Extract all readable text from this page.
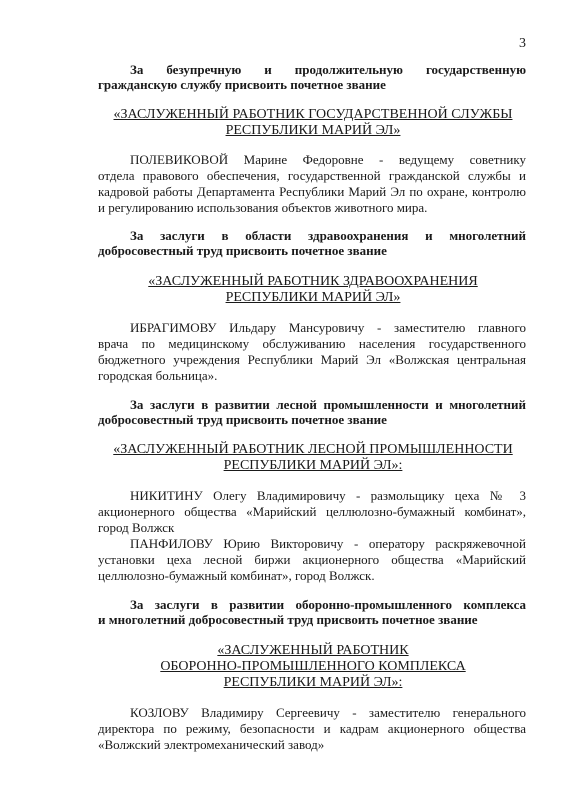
3
За безупречную и продолжительную государственную
гражданскую службу присвоить почетное звание
«ЗАСЛУЖЕННЫЙ РАБОТНИК ГОСУДАРСТВЕННОЙ СЛУЖБЫ
РЕСПУБЛИКИ МАРИЙ ЭЛ»
ПОЛЕВИКОВОЙ Марине Федоровне - ведущему советнику
отдела правового обеспечения, государственной гражданской службы и кадровой работы Департамента Республики Марий Эл по охране, контролю и регулированию использования объектов животного мира.
За заслуги в области здравоохранения и многолетний
добросовестный труд присвоить почетное звание
«ЗАСЛУЖЕННЫЙ РАБОТНИК ЗДРАВООХРАНЕНИЯ
РЕСПУБЛИКИ МАРИЙ ЭЛ»
ИБРАГИМОВУ Ильдару Мансуровичу - заместителю главного
врача по медицинскому обслуживанию населения государственного бюджетного учреждения Республики Марий Эл «Волжская центральная городская больница».
За заслуги в развитии лесной промышленности и многолетний
добросовестный труд присвоить почетное звание
«ЗАСЛУЖЕННЫЙ РАБОТНИК ЛЕСНОЙ ПРОМЫШЛЕННОСТИ
РЕСПУБЛИКИ МАРИЙ ЭЛ»:
НИКИТИНУ Олегу Владимировичу - размольщику цеха № 3
акционерного общества «Марийский целлюлозно-бумажный комбинат», город Волжск
ПАНФИЛОВУ Юрию Викторовичу - оператору раскряжевочной
установки цеха лесной биржи акционерного общества «Марийский целлюлозно-бумажный комбинат», город Волжск.
За заслуги в развитии оборонно-промышленного комплекса
и многолетний добросовестный труд присвоить почетное звание
«ЗАСЛУЖЕННЫЙ РАБОТНИК
ОБОРОННО-ПРОМЫШЛЕННОГО КОМПЛЕКСА
РЕСПУБЛИКИ МАРИЙ ЭЛ»:
КОЗЛОВУ Владимиру Сергеевичу - заместителю генерального
директора по режиму, безопасности и кадрам акционерного общества «Волжский электромеханический завод»
